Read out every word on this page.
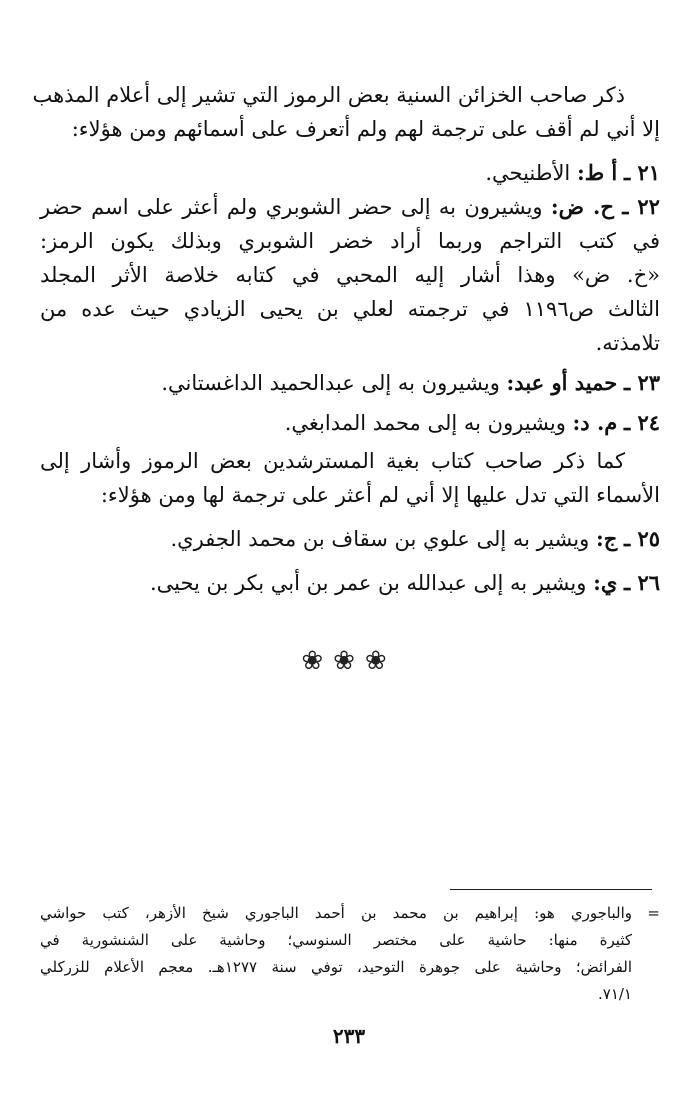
ذكر صاحب الخزائن السنية بعض الرموز التي تشير إلى أعلام المذهب
إلا أني لم أقف على ترجمة لهم ولم أتعرف على أسمائهم ومن هؤلاء:
٢١ ـ أ ط: الأطنيحي.
٢٢ ـ ح. ض: ويشيرون به إلى حضر الشوبري ولم أعثر على اسم حضر
في كتب التراجم وربما أراد خضر الشوبري وبذلك يكون الرمز:
«خ. ض» وهذا أشار إليه المحبي في كتابه خلاصة الأثر المجلد
الثالث ص١١٩٦ في ترجمته لعلي بن يحيى الزيادي حيث عده من
تلامذته.
٢٣ ـ حميد أو عبد: ويشيرون به إلى عبدالحميد الداغستاني.
٢٤ ـ م. د: ويشيرون به إلى محمد المدابغي.
كما ذكر صاحب كتاب بغية المسترشدين بعض الرموز وأشار إلى
الأسماء التي تدل عليها إلا أني لم أعثر على ترجمة لها ومن هؤلاء:
٢٥ ـ ج: ويشير به إلى علوي بن سقاف بن محمد الجفري.
٢٦ ـ ي: ويشير به إلى عبدالله بن عمر بن أبي بكر بن يحيى.
❀❀❀
=والباجوري هو: إبراهيم بن محمد بن أحمد الباجوري شيخ الأزهر، كتب حواشي
كثيرة منها: حاشية على مختصر السنوسي؛ وحاشية على الشنشورية في
الفرائض؛ وحاشية على جوهرة التوحيد، توفي سنة ١٢٧٧هـ. معجم الأعلام للزركلي
٧١/١.
٢٣٣
